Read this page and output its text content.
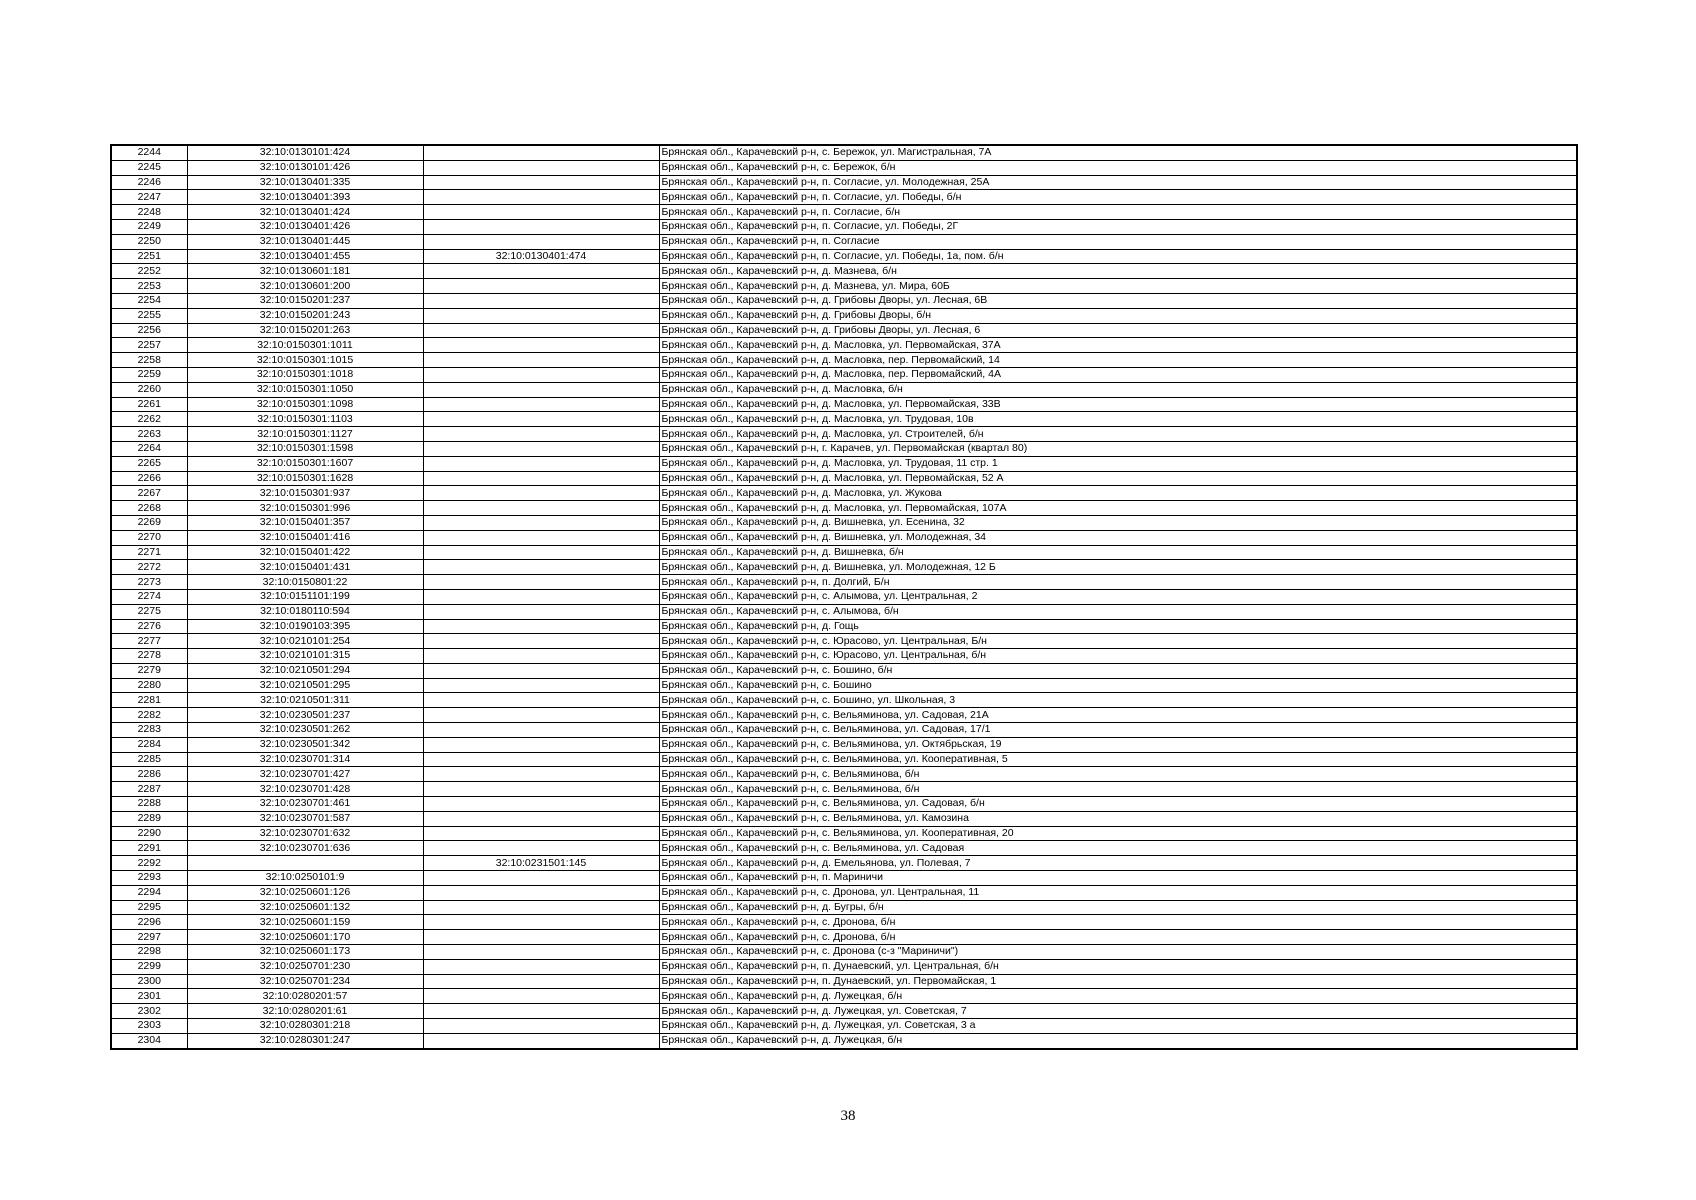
2244	32:10:0130101:424		Брянская обл., Карачевский р-н, с. Бережок, ул. Магистральная, 7А
2245	32:10:0130101:426		Брянская обл., Карачевский р-н, с. Бережок, б/н
2246	32:10:0130401:335		Брянская обл., Карачевский р-н, п. Согласие, ул. Молодежная, 25А
2247	32:10:0130401:393		Брянская обл., Карачевский р-н, п. Согласие, ул. Победы, б/н
2248	32:10:0130401:424		Брянская обл., Карачевский р-н, п. Согласие, б/н
2249	32:10:0130401:426		Брянская обл., Карачевский р-н, п. Согласие, ул. Победы, 2Г
2250	32:10:0130401:445		Брянская обл., Карачевский р-н, п. Согласие
2251	32:10:0130401:455	32:10:0130401:474	Брянская обл., Карачевский р-н, п. Согласие, ул. Победы, 1а, пом. б/н
2252	32:10:0130601:181		Брянская обл., Карачевский р-н, д. Мазнева, б/н
2253	32:10:0130601:200		Брянская обл., Карачевский р-н, д. Мазнева, ул. Мира, 60Б
2254	32:10:0150201:237		Брянская обл., Карачевский р-н, д. Грибовы Дворы, ул. Лесная, 6В
2255	32:10:0150201:243		Брянская обл., Карачевский р-н, д. Грибовы Дворы, б/н
2256	32:10:0150201:263		Брянская обл., Карачевский р-н, д. Грибовы Дворы, ул. Лесная, 6
2257	32:10:0150301:1011		Брянская обл., Карачевский р-н, д. Масловка, ул. Первомайская, 37А
2258	32:10:0150301:1015		Брянская обл., Карачевский р-н, д. Масловка, пер. Первомайский, 14
2259	32:10:0150301:1018		Брянская обл., Карачевский р-н, д. Масловка, пер. Первомайский, 4А
2260	32:10:0150301:1050		Брянская обл., Карачевский р-н, д. Масловка, б/н
2261	32:10:0150301:1098		Брянская обл., Карачевский р-н, д. Масловка, ул. Первомайская, 33В
2262	32:10:0150301:1103		Брянская обл., Карачевский р-н, д. Масловка, ул. Трудовая, 10в
2263	32:10:0150301:1127		Брянская обл., Карачевский р-н, д. Масловка, ул. Строителей, б/н
2264	32:10:0150301:1598		Брянская обл., Карачевский р-н, г. Карачев, ул. Первомайская (квартал 80)
2265	32:10:0150301:1607		Брянская обл., Карачевский р-н, д. Масловка, ул. Трудовая, 11 стр. 1
2266	32:10:0150301:1628		Брянская обл., Карачевский р-н, д. Масловка, ул. Первомайская, 52 А
2267	32:10:0150301:937		Брянская обл., Карачевский р-н, д. Масловка, ул. Жукова
2268	32:10:0150301:996		Брянская обл., Карачевский р-н, д. Масловка, ул. Первомайская, 107А
2269	32:10:0150401:357		Брянская обл., Карачевский р-н, д. Вишневка, ул. Есенина, 32
2270	32:10:0150401:416		Брянская обл., Карачевский р-н, д. Вишневка, ул. Молодежная, 34
2271	32:10:0150401:422		Брянская обл., Карачевский р-н, д. Вишневка, б/н
2272	32:10:0150401:431		Брянская обл., Карачевский р-н, д. Вишневка, ул. Молодежная, 12 Б
2273	32:10:0150801:22		Брянская обл., Карачевский р-н, п. Долгий, Б/н
2274	32:10:0151101:199		Брянская обл., Карачевский р-н, с. Алымова, ул. Центральная, 2
2275	32:10:0180110:594		Брянская обл., Карачевский р-н, с. Алымова, б/н
2276	32:10:0190103:395		Брянская обл., Карачевский р-н, д. Гощь
2277	32:10:0210101:254		Брянская обл., Карачевский р-н, с. Юрасово, ул. Центральная, Б/н
2278	32:10:0210101:315		Брянская обл., Карачевский р-н, с. Юрасово, ул. Центральная, б/н
2279	32:10:0210501:294		Брянская обл., Карачевский р-н, с. Бошино, б/н
2280	32:10:0210501:295		Брянская обл., Карачевский р-н, с. Бошино
2281	32:10:0210501:311		Брянская обл., Карачевский р-н, с. Бошино, ул. Школьная, 3
2282	32:10:0230501:237		Брянская обл., Карачевский р-н, с. Вельяминова, ул. Садовая, 21А
2283	32:10:0230501:262		Брянская обл., Карачевский р-н, с. Вельяминова, ул. Садовая, 17/1
2284	32:10:0230501:342		Брянская обл., Карачевский р-н, с. Вельяминова, ул. Октябрьская, 19
2285	32:10:0230701:314		Брянская обл., Карачевский р-н, с. Вельяминова, ул. Кооперативная, 5
2286	32:10:0230701:427		Брянская обл., Карачевский р-н, с. Вельяминова, б/н
2287	32:10:0230701:428		Брянская обл., Карачевский р-н, с. Вельяминова, б/н
2288	32:10:0230701:461		Брянская обл., Карачевский р-н, с. Вельяминова, ул. Садовая, б/н
2289	32:10:0230701:587		Брянская обл., Карачевский р-н, с. Вельяминова, ул. Камозина
2290	32:10:0230701:632		Брянская обл., Карачевский р-н, с. Вельяминова, ул. Кооперативная, 20
2291	32:10:0230701:636		Брянская обл., Карачевский р-н, с. Вельяминова, ул. Садовая
2292		32:10:0231501:145	Брянская обл., Карачевский р-н, д. Емельянова, ул. Полевая, 7
2293	32:10:0250101:9		Брянская обл., Карачевский р-н, п. Мариничи
2294	32:10:0250601:126		Брянская обл., Карачевский р-н, с. Дронова, ул. Центральная, 11
2295	32:10:0250601:132		Брянская обл., Карачевский р-н, д. Бугры, б/н
2296	32:10:0250601:159		Брянская обл., Карачевский р-н, с. Дронова, б/н
2297	32:10:0250601:170		Брянская обл., Карачевский р-н, с. Дронова, б/н
2298	32:10:0250601:173		Брянская обл., Карачевский р-н, с. Дронова (с-з "Мариничи")
2299	32:10:0250701:230		Брянская обл., Карачевский р-н, п. Дунаевский, ул. Центральная, б/н
2300	32:10:0250701:234		Брянская обл., Карачевский р-н, п. Дунаевский, ул. Первомайская, 1
2301	32:10:0280201:57		Брянская обл., Карачевский р-н, д. Лужецкая, б/н
2302	32:10:0280201:61		Брянская обл., Карачевский р-н, д. Лужецкая, ул. Советская, 7
2303	32:10:0280301:218		Брянская обл., Карачевский р-н, д. Лужецкая, ул. Советская, 3 а
2304	32:10:0280301:247		Брянская обл., Карачевский р-н, д. Лужецкая, б/н
38
